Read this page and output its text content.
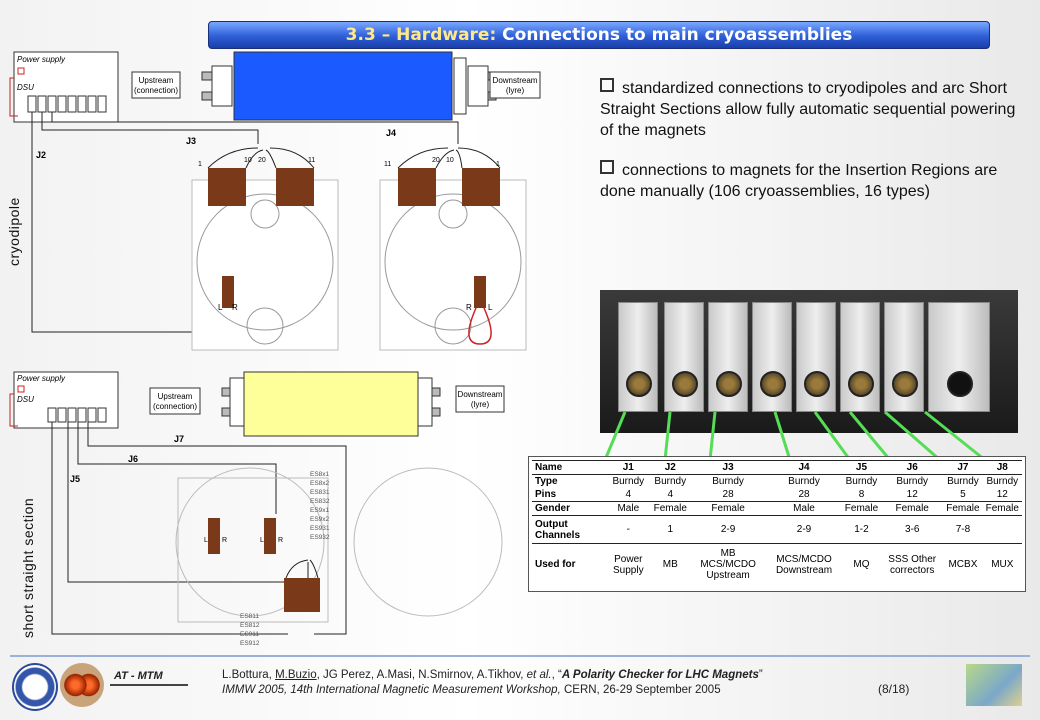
3.3 – Hardware: Connections to main cryoassemblies
Power supply
DSU
Upstream
(connection)
Downstream
(lyre)
J2
J3
J4
1
10 20	11
11
20 10
1
L R	R L
cryodipole
Power supply
DSU	Upstream
(connection)
Downstream
(lyre)
J5
J6
J7
L R	L R
ES8x1
ES8x2
ES831
ES832
ES9x1
ES9x2
ES931
ES932
ES811
ES812
ES911
ES912
short straight section

standardized connections to cryodipoles and arc Short Straight Sections allow fully automatic sequential powering of the magnets

connections to magnets for the Insertion Regions are done manually (106 cryoassemblies, 16 types)

Name	J1	J2	J3	J4	J5	J6	J7	J8
Type	Burndy	Burndy	Burndy	Burndy	Burndy	Burndy	Burndy	Burndy
Pins	4	4	28	28	8	12	5	12
Gender	Male	Female	Female	Male	Female	Female	Female	Female
Output Channels	-	1	2-9	2-9	1-2	3-6	7-8	
Used for	Power Supply	MB	MB MCS/MCDO Upstream	MCS/MCDO Downstream	MQ	SSS Other correctors	MCBX	MUX
AT - MTM	L.Bottura, M.Buzio, JG Perez, A.Masi, N.Smirnov, A.Tikhov, et al., “A Polarity Checker for LHC Magnets”
IMMW 2005, 14th International Magnetic Measurement Workshop, CERN, 26-29 September 2005	(8/18)
